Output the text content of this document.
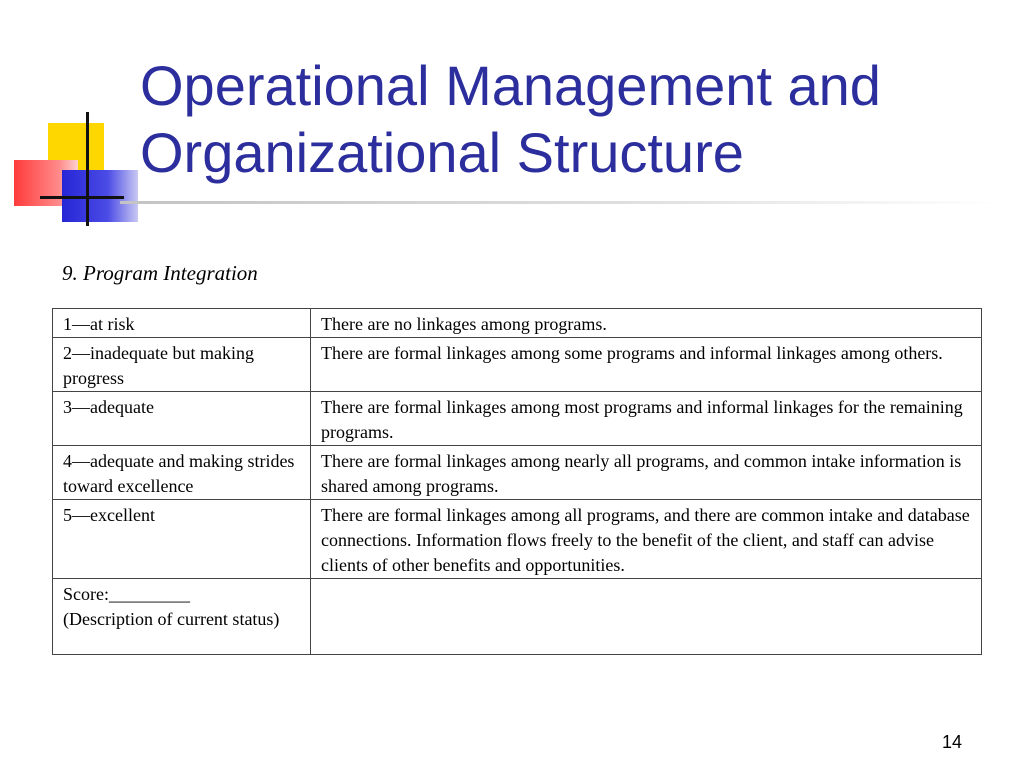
Operational Management and
Organizational Structure
9. Program Integration
1—at risk	There are no linkages among programs.
2—inadequate but making progress	There are formal linkages among some programs and informal linkages among others.
3—adequate	There are formal linkages among most programs and informal linkages for the remaining programs.
4—adequate and making strides toward excellence	There are formal linkages among nearly all programs, and common intake information is shared among programs.
5—excellent	There are formal linkages among all programs, and there are common intake and database connections. Information flows freely to the benefit of the client, and staff can advise clients of other benefits and opportunities.
Score:_________
(Description of current status)	
14
